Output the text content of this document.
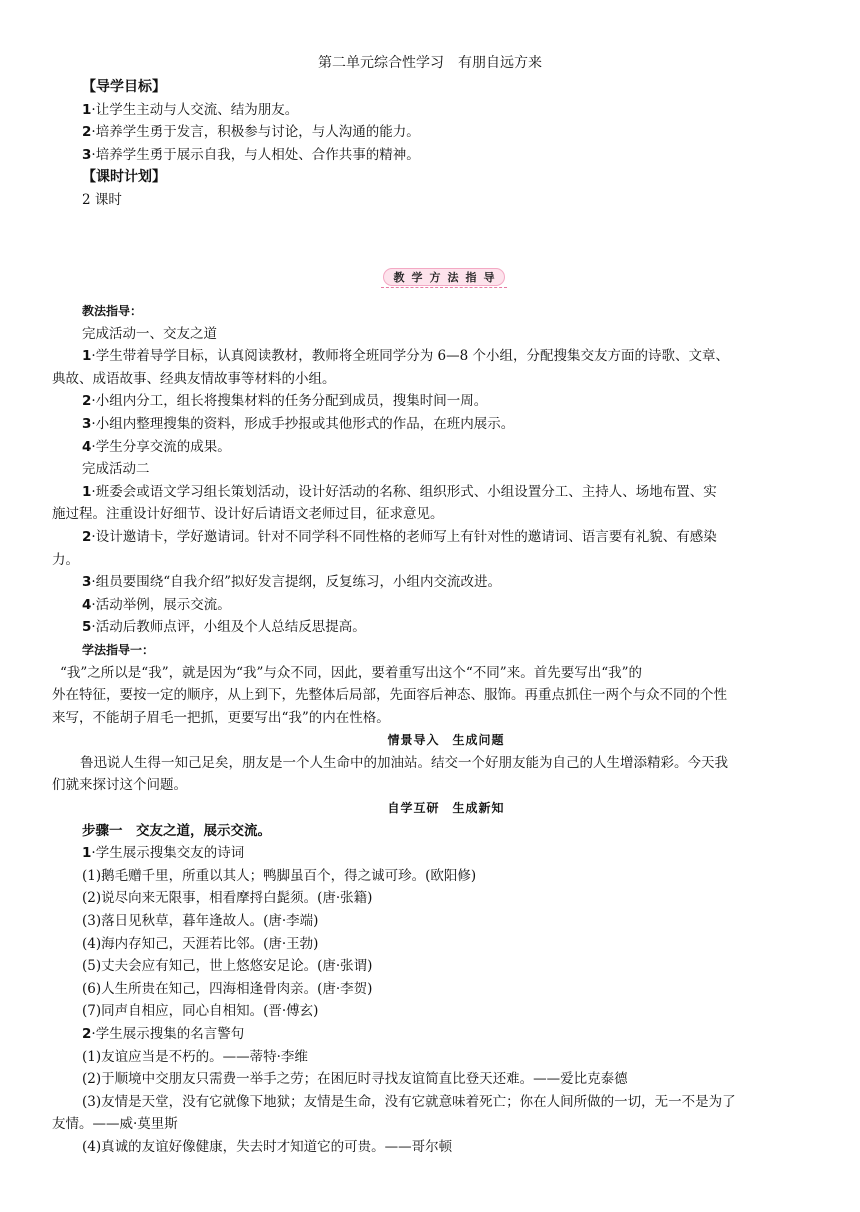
第二单元综合性学习　有朋自远方来
【导学目标】
1·让学生主动与人交流、结为朋友。
2·培养学生勇于发言，积极参与讨论，与人沟通的能力。
3·培养学生勇于展示自我，与人相处、合作共事的精神。
【课时计划】
2 课时
教 学 方 法 指 导
教法指导：
完成活动一、交友之道
1·学生带着导学目标，认真阅读教材，教师将全班同学分为 6—8 个小组，分配搜集交友方面的诗歌、文章、
典故、成语故事、经典友情故事等材料的小组。
2·小组内分工，组长将搜集材料的任务分配到成员，搜集时间一周。
3·小组内整理搜集的资料，形成手抄报或其他形式的作品，在班内展示。
4·学生分享交流的成果。
完成活动二
1·班委会或语文学习组长策划活动，设计好活动的名称、组织形式、小组设置分工、主持人、场地布置、实
施过程。注重设计好细节、设计好后请语文老师过目，征求意见。
2·设计邀请卡，学好邀请词。针对不同学科不同性格的老师写上有针对性的邀请词、语言要有礼貌、有感染
力。
3·组员要围绕“自我介绍”拟好发言提纲，反复练习，小组内交流改进。
4·活动举例，展示交流。
5·活动后教师点评，小组及个人总结反思提高。
学法指导一：
“我”之所以是“我”，就是因为“我”与众不同，因此，要着重写出这个“不同”来。首先要写出“我”的
外在特征，要按一定的顺序，从上到下，先整体后局部，先面容后神态、服饰。再重点抓住一两个与众不同的个性
来写，不能胡子眉毛一把抓，更要写出“我”的内在性格。
情景导入　生成问题
鲁迅说人生得一知己足矣，朋友是一个人生命中的加油站。结交一个好朋友能为自己的人生增添精彩。今天我
们就来探讨这个问题。
自学互研　生成新知
步骤一　交友之道，展示交流。
1·学生展示搜集交友的诗词
(1)鹅毛赠千里，所重以其人；鸭脚虽百个，得之诚可珍。(欧阳修)
(2)说尽向来无限事，相看摩捋白髭须。(唐·张籍)
(3)落日见秋草，暮年逢故人。(唐·李端)
(4)海内存知己，天涯若比邻。(唐·王勃)
(5)丈夫会应有知己，世上悠悠安足论。(唐·张谓)
(6)人生所贵在知己，四海相逢骨肉亲。(唐·李贺)
(7)同声自相应，同心自相知。(晋·傅玄)
2·学生展示搜集的名言警句
(1)友谊应当是不朽的。——蒂特·李维
(2)于顺境中交朋友只需费一举手之劳；在困厄时寻找友谊简直比登天还难。——爱比克泰德
(3)友情是天堂，没有它就像下地狱；友情是生命，没有它就意味着死亡；你在人间所做的一切，无一不是为了
友情。——威·莫里斯
(4)真诚的友谊好像健康，失去时才知道它的可贵。——哥尔顿
